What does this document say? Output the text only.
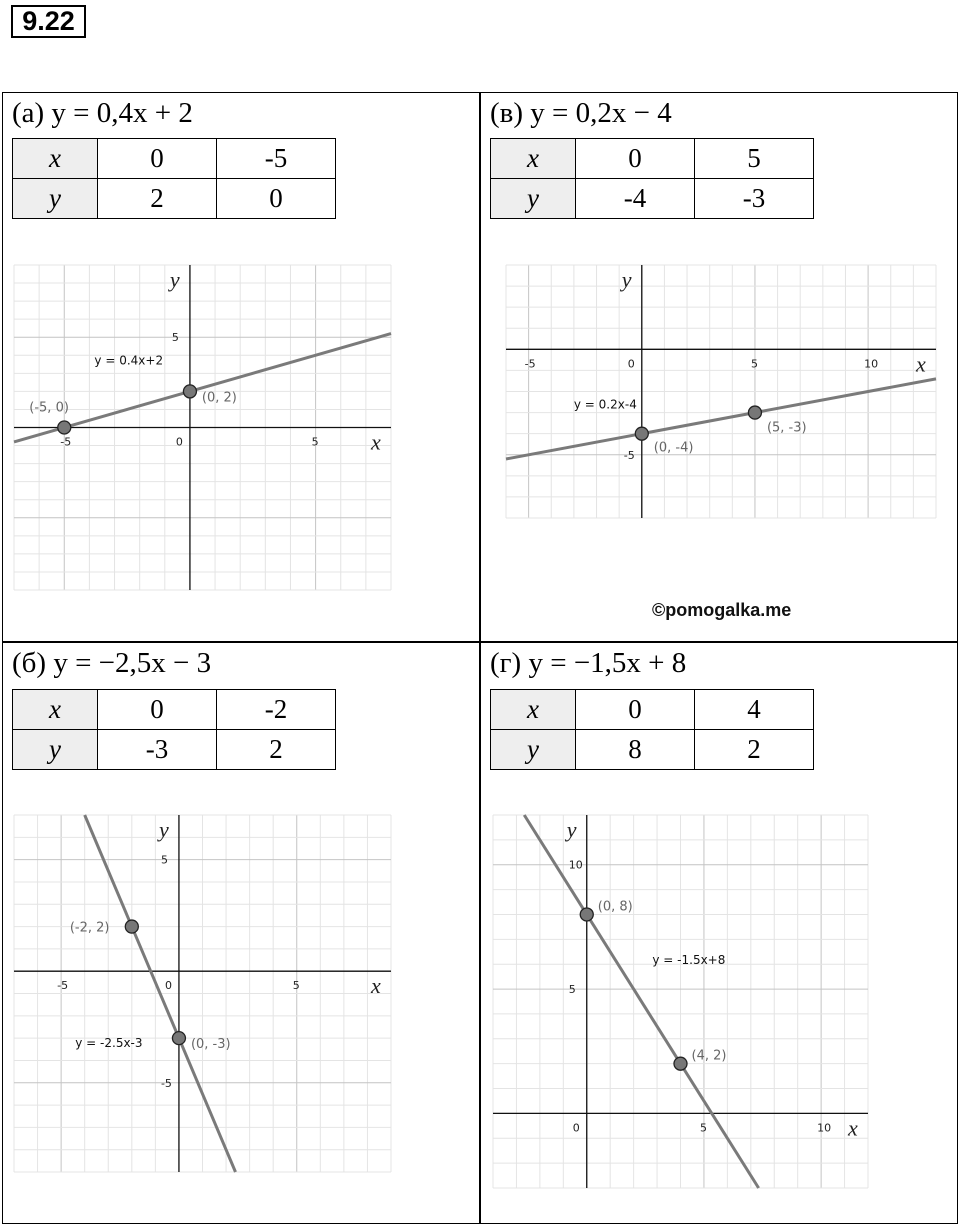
9.22
(а) y = 0,4x + 2
x	0	-5
y	2	0
-5	0	5
5
x
y
y = 0.4x+2
(-5, 0)
(0, 2)
(в) y = 0,2x − 4
x	0	5
y	-4	-3
-5	0	5	10
-5
x
y
y = 0.2x-4
(0, -4)
(5, -3)
©pomogalka.me
(б) y = −2,5x − 3
x	0	-2
y	-3	2
-5	0	5
5
-5
x
y
y = -2.5x-3
(-2, 2)
(0, -3)
(г) y = −1,5x + 8
x	0	4
y	8	2
0	5	10
10
5
x
y
y = -1.5x+8
(0, 8)
(4, 2)
